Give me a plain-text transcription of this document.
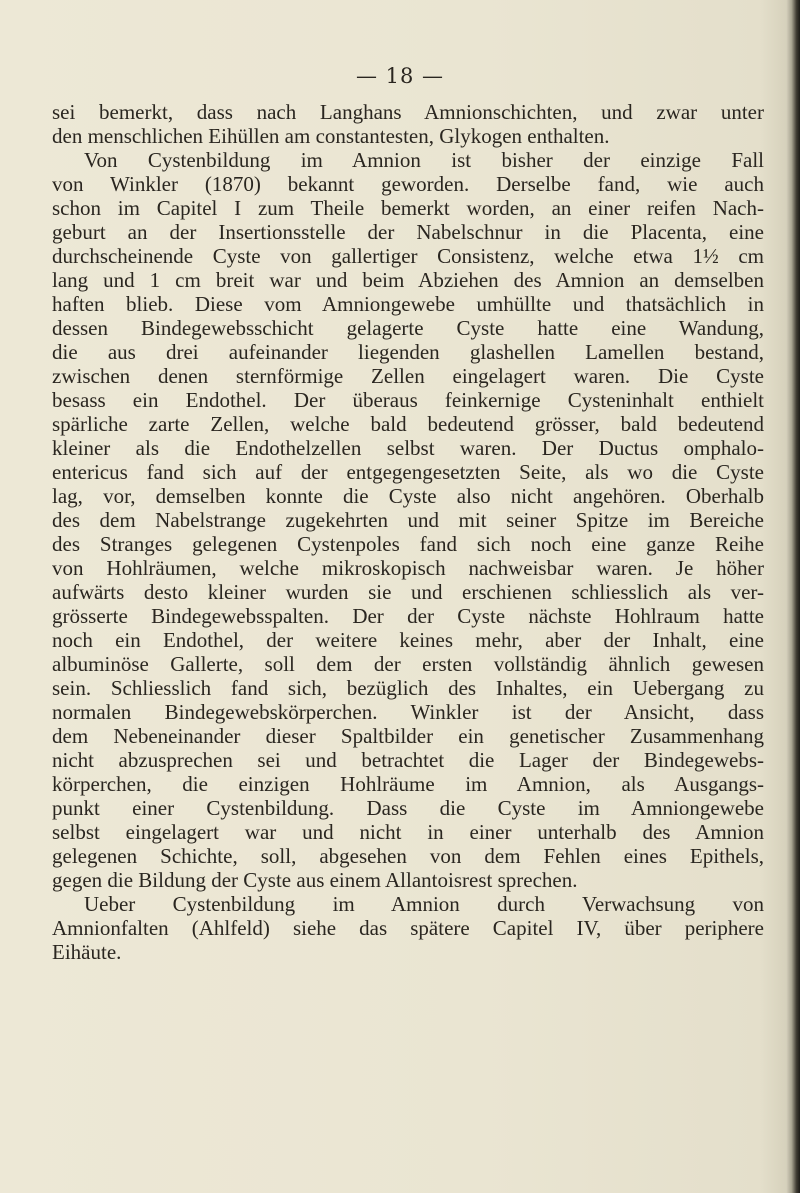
— 18 —
sei bemerkt, dass nach Langhans Amnionschichten, und zwar unter
den menschlichen Eihüllen am constantesten, Glykogen enthalten.
Von Cystenbildung im Amnion ist bisher der einzige Fall
von Winkler (1870) bekannt geworden. Derselbe fand, wie auch
schon im Capitel I zum Theile bemerkt worden, an einer reifen Nach-
geburt an der Insertionsstelle der Nabelschnur in die Placenta, eine
durchscheinende Cyste von gallertiger Consistenz, welche etwa 1½ cm
lang und 1 cm breit war und beim Abziehen des Amnion an demselben
haften blieb. Diese vom Amniongewebe umhüllte und thatsächlich in
dessen Bindegewebsschicht gelagerte Cyste hatte eine Wandung,
die aus drei aufeinander liegenden glashellen Lamellen bestand,
zwischen denen sternförmige Zellen eingelagert waren. Die Cyste
besass ein Endothel. Der überaus feinkernige Cysteninhalt enthielt
spärliche zarte Zellen, welche bald bedeutend grösser, bald bedeutend
kleiner als die Endothelzellen selbst waren. Der Ductus omphalo-
entericus fand sich auf der entgegengesetzten Seite, als wo die Cyste
lag, vor, demselben konnte die Cyste also nicht angehören. Oberhalb
des dem Nabelstrange zugekehrten und mit seiner Spitze im Bereiche
des Stranges gelegenen Cystenpoles fand sich noch eine ganze Reihe
von Hohlräumen, welche mikroskopisch nachweisbar waren. Je höher
aufwärts desto kleiner wurden sie und erschienen schliesslich als ver-
grösserte Bindegewebsspalten. Der der Cyste nächste Hohlraum hatte
noch ein Endothel, der weitere keines mehr, aber der Inhalt, eine
albuminöse Gallerte, soll dem der ersten vollständig ähnlich gewesen
sein. Schliesslich fand sich, bezüglich des Inhaltes, ein Uebergang zu
normalen Bindegewebskörperchen. Winkler ist der Ansicht, dass
dem Nebeneinander dieser Spaltbilder ein genetischer Zusammenhang
nicht abzusprechen sei und betrachtet die Lager der Bindegewebs-
körperchen, die einzigen Hohlräume im Amnion, als Ausgangs-
punkt einer Cystenbildung. Dass die Cyste im Amniongewebe
selbst eingelagert war und nicht in einer unterhalb des Amnion
gelegenen Schichte, soll, abgesehen von dem Fehlen eines Epithels,
gegen die Bildung der Cyste aus einem Allantoisrest sprechen.
Ueber Cystenbildung im Amnion durch Verwachsung von
Amnionfalten (Ahlfeld) siehe das spätere Capitel IV, über periphere
Eihäute.
